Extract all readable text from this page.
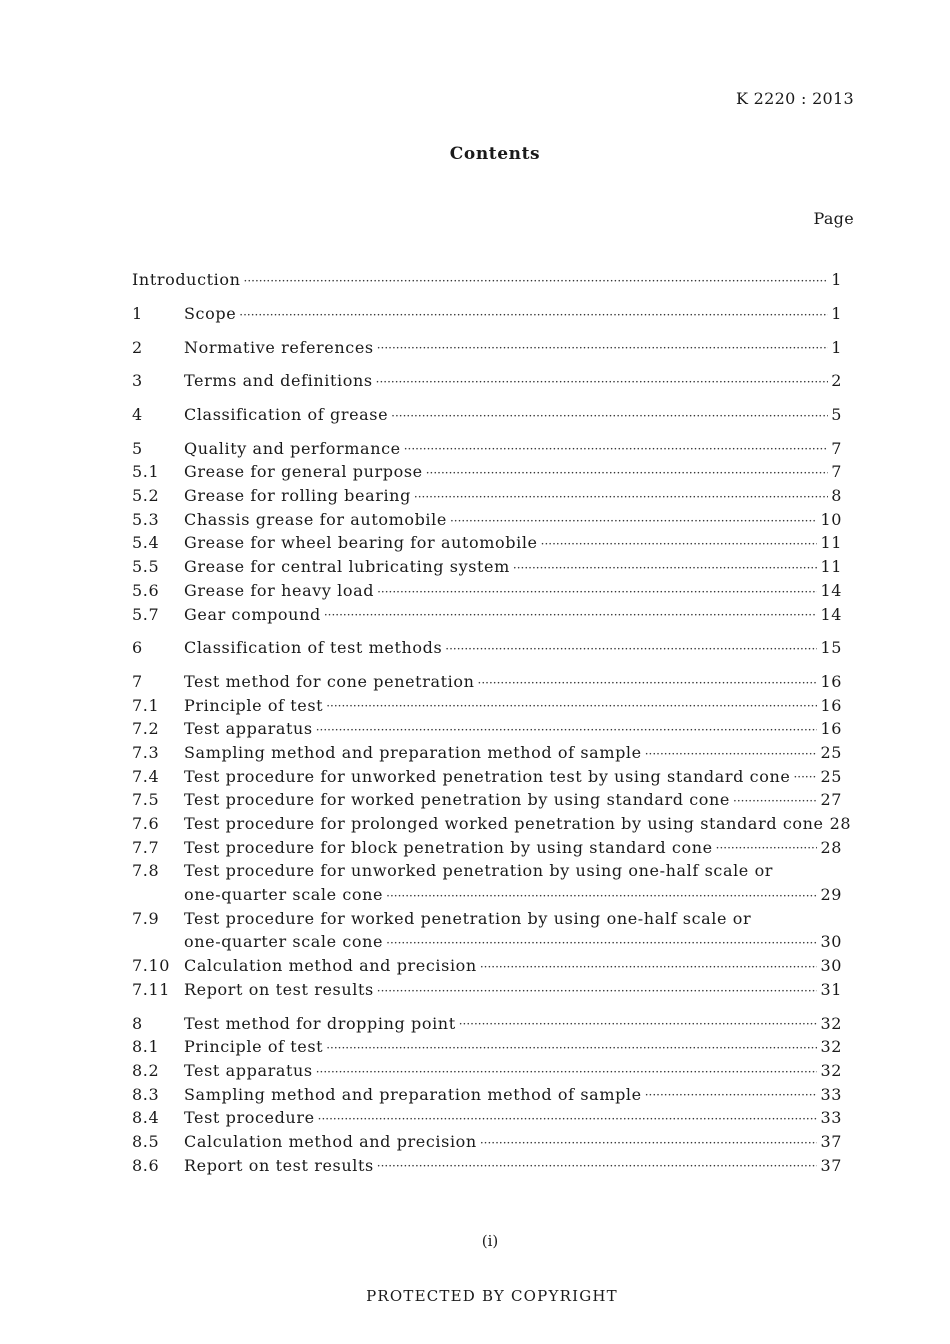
K 2220 : 2013
Contents
Page
Introduction ·····	1
1	Scope ·····	1
2	Normative references ·····	1
3	Terms and definitions ·····	2
4	Classification of grease ·····	5
5	Quality and performance ·····	7
5.1	Grease for general purpose ·····	7
5.2	Grease for rolling bearing ·····	8
5.3	Chassis grease for automobile ·····	10
5.4	Grease for wheel bearing for automobile ·····	11
5.5	Grease for central lubricating system ·····	11
5.6	Grease for heavy load ·····	14
5.7	Gear compound ·····	14
6	Classification of test methods ·····	15
7	Test method for cone penetration ·····	16
7.1	Principle of test ·····	16
7.2	Test apparatus ·····	16
7.3	Sampling method and preparation method of sample ·····	25
7.4	Test procedure for unworked penetration test by using standard cone ····· 25
7.5	Test procedure for worked penetration by using standard cone ·····	27
7.6	Test procedure for prolonged worked penetration by using standard cone 28
7.7	Test procedure for block penetration by using standard cone ·····	28
7.8	Test procedure for unworked penetration by using one-half scale or
one-quarter scale cone ·····	29
7.9	Test procedure for worked penetration by using one-half scale or
one-quarter scale cone ·····	30
7.10 Calculation method and precision ·····	30
7.11 Report on test results ·····	31
8	Test method for dropping point ·····	32
8.1	Principle of test ·····	32
8.2	Test apparatus ·····	32
8.3	Sampling method and preparation method of sample ·····	33
8.4	Test procedure ·····	33
8.5	Calculation method and precision ·····	37
8.6	Report on test results ·····	37
(i)
PROTECTED BY COPYRIGHT
